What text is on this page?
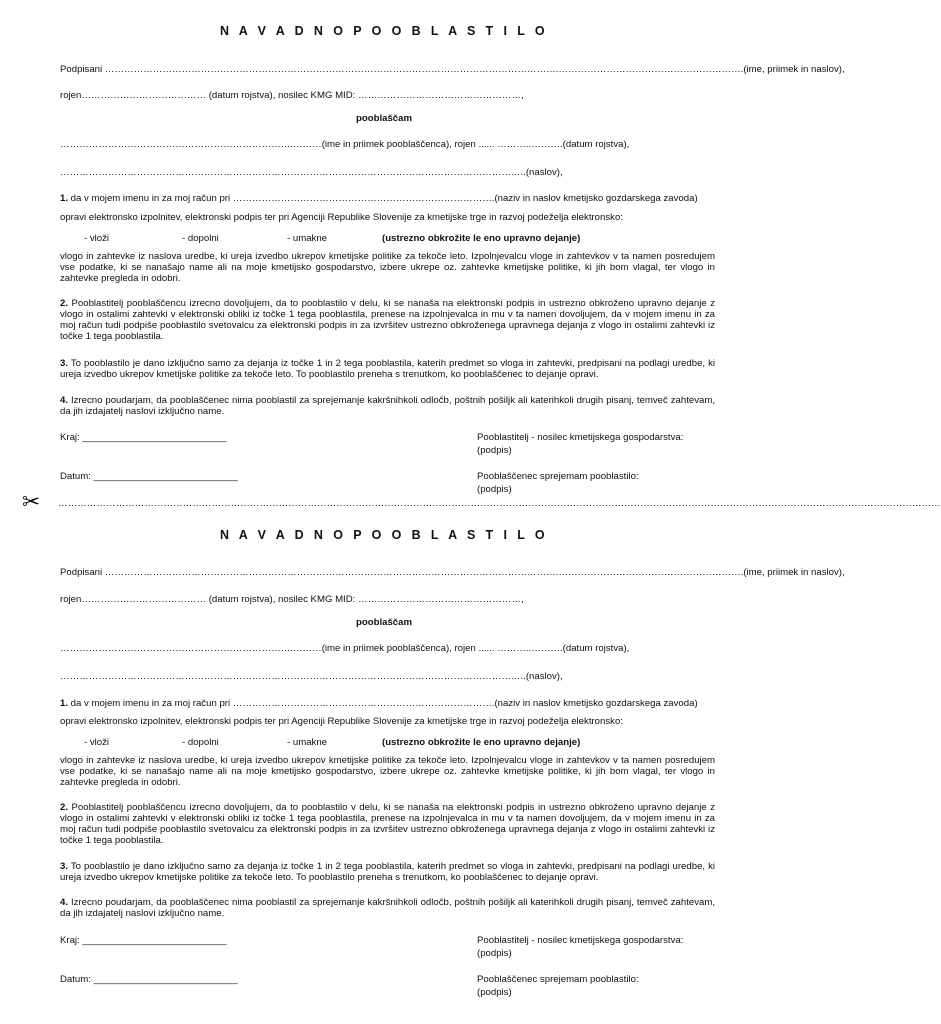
N A V A D N O P O O B L A S T I L O
Podpisani …………………………………………………………………………………………………………………………….………………………………………………….(ime, priimek in naslov),
rojen………………………………… (datum rojstva), nosilec KMG MID: ……………………………………………,
pooblaščam
……………………………………………………………….………(ime in priimek pooblaščenca), rojen ...... ………..……….(datum rojstva),
………………………………………………………………………………………………………………………………..(naslov),
1. da v mojem imenu in za moj račun pri ……………………………………………………………………….(naziv in naslov kmetijsko gozdarskega zavoda)
opravi elektronsko izpolnitev, elektronski podpis ter pri Agenciji Republike Slovenije za kmetijske trge in razvoj podeželja elektronsko:
- vloži	- dopolni	- umakne	(ustrezno obkrožite le eno upravno dejanje)

vlogo in zahtevke iz naslova uredbe, ki ureja izvedbo ukrepov kmetijske politike za tekoče leto. Izpolnjevalcu vloge in zahtevkov v ta namen posredujem vse podatke, ki se nanašajo name ali na moje kmetijsko gospodarstvo, izbere ukrepe oz. zahtevke kmetijske politike, ki jih bom vlagal, ter vlogo in zahtevke pregleda in odobri.

2. Pooblastitelj pooblaščencu izrecno dovoljujem, da to pooblastilo v delu, ki se nanaša na elektronski podpis in ustrezno obkroženo upravno dejanje z vlogo in ostalimi zahtevki v elektronski obliki iz točke 1 tega pooblastila, prenese na izpolnjevalca in mu v ta namen dovoljujem, da v mojem imenu in za moj račun tudi podpiše pooblastilo svetovalcu za elektronski podpis in za izvršitev ustrezno obkroženega upravnega dejanja z vlogo in ostalimi zahtevki iz točke 1 tega pooblastila.

3. To pooblastilo je dano izključno samo za dejanja iz točke 1 in 2 tega pooblastila, katerih predmet so vloga in zahtevki, predpisani na podlagi uredbe, ki ureja izvedbo ukrepov kmetijske politike za tekoče leto. To pooblastilo preneha s trenutkom, ko pooblaščenec to dejanje opravi.

4. Izrecno poudarjam, da pooblaščenec nima pooblastil za sprejemanje kakršnihkoli odločb, poštnih pošiljk ali katerihkoli drugih pisanj, temveč zahtevam, da jih izdajatelj naslovi izključno name.

Kraj: ___________________________	Pooblastitelj - nosilec kmetijskega gospodarstva:
(podpis)
Datum: ___________________________	Pooblaščenec sprejemam pooblastilo:
(podpis)
✂ ……………………………………………………………………………………………………………………………………………………………………………………………………………………………………………………
N A V A D N O P O O B L A S T I L O
Podpisani …………………………………………………………………………………………………………………………….………………………………………………….(ime, priimek in naslov),
rojen………………………………… (datum rojstva), nosilec KMG MID: ……………………………………………,
pooblaščam
……………………………………………………………….………(ime in priimek pooblaščenca), rojen ...... ………..……….(datum rojstva),
………………………………………………………………………………………………………………………………..(naslov),
1. da v mojem imenu in za moj račun pri ……………………………………………………………………….(naziv in naslov kmetijsko gozdarskega zavoda)
opravi elektronsko izpolnitev, elektronski podpis ter pri Agenciji Republike Slovenije za kmetijske trge in razvoj podeželja elektronsko:
- vloži	- dopolni	- umakne	(ustrezno obkrožite le eno upravno dejanje)

vlogo in zahtevke iz naslova uredbe, ki ureja izvedbo ukrepov kmetijske politike za tekoče leto. Izpolnjevalcu vloge in zahtevkov v ta namen posredujem vse podatke, ki se nanašajo name ali na moje kmetijsko gospodarstvo, izbere ukrepe oz. zahtevke kmetijske politike, ki jih bom vlagal, ter vlogo in zahtevke pregleda in odobri.

2. Pooblastitelj pooblaščencu izrecno dovoljujem, da to pooblastilo v delu, ki se nanaša na elektronski podpis in ustrezno obkroženo upravno dejanje z vlogo in ostalimi zahtevki v elektronski obliki iz točke 1 tega pooblastila, prenese na izpolnjevalca in mu v ta namen dovoljujem, da v mojem imenu in za moj račun tudi podpiše pooblastilo svetovalcu za elektronski podpis in za izvršitev ustrezno obkroženega upravnega dejanja z vlogo in ostalimi zahtevki iz točke 1 tega pooblastila.

3. To pooblastilo je dano izključno samo za dejanja iz točke 1 in 2 tega pooblastila, katerih predmet so vloga in zahtevki, predpisani na podlagi uredbe, ki ureja izvedbo ukrepov kmetijske politike za tekoče leto. To pooblastilo preneha s trenutkom, ko pooblaščenec to dejanje opravi.

4. Izrecno poudarjam, da pooblaščenec nima pooblastil za sprejemanje kakršnihkoli odločb, poštnih pošiljk ali katerihkoli drugih pisanj, temveč zahtevam, da jih izdajatelj naslovi izključno name.

Kraj: ___________________________	Pooblastitelj - nosilec kmetijskega gospodarstva:
(podpis)
Datum: ___________________________	Pooblaščenec sprejemam pooblastilo:
(podpis)
